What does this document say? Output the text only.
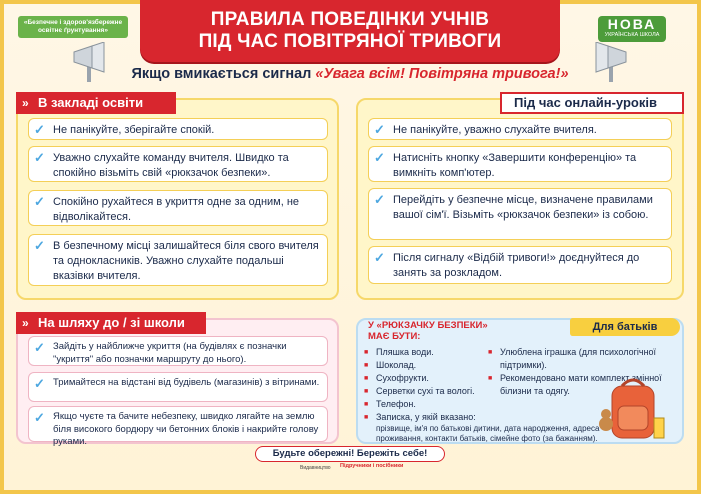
«Безпечне і здоров'язбережне освітнє ґрунтування»	ПРАВИЛА ПОВЕДІНКИ УЧНІВ
ПІД ЧАС ПОВІТРЯНОЇ ТРИВОГИ
НОВА
УКРАЇНСЬКА ШКОЛА
Якщо вмикається сигнал «Увага всім! Повітряна тривога!»
» В закладі освіти
✓ Не панікуйте, зберігайте спокій.
✓ Уважно слухайте команду вчителя. Швидко та спокійно візьміть свій «рюкзачок безпеки».
✓ Спокійно рухайтеся в укриття одне за одним, не відволікайтеся.
✓ В безпечному місці залишайтеся біля свого вчителя та однокласників. Уважно слухайте подальші вказівки вчителя.
Під час онлайн-уроків
✓ Не панікуйте, уважно слухайте вчителя.
✓ Натисніть кнопку «Завершити конференцію» та вимкніть комп'ютер.
✓ Перейдіть у безпечне місце, визначене правилами вашої сім'ї. Візьміть «рюкзачок безпеки» із собою.
✓ Після сигналу «Відбій тривоги!» доєднуйтеся до занять за розкладом.
» На шляху до / зі школи
✓ Зайдіть у найближче укриття (на будівлях є позначки "укриття" або позначки маршруту до нього).
✓ Тримайтеся на відстані від будівель (магазинів) з вітринами.
✓ Якщо чуєте та бачите небезпеку, швидко лягайте на землю біля високого бордюру чи бетонних блоків і накрийте голову руками.
Для батьків
У «РЮКЗАЧКУ БЕЗПЕКИ»
МАЄ БУТИ:
■ Пляшка води.
■ Шоколад.
■ Сухофрукти.
■ Серветки сухі та вологі.
■ Телефон.
■ Записка, у якій вказано:
■ Улюблена іграшка (для психологічної підтримки).
■ Рекомендовано мати комплект змінної білизни та одягу.
прізвище, ім'я по батькові дитини, дата народження, адреса проживання, контакти батьків, сімейне фото (за бажанням).
Будьте обережні! Бережіть себе!
Видавництво Підручники і посібники
